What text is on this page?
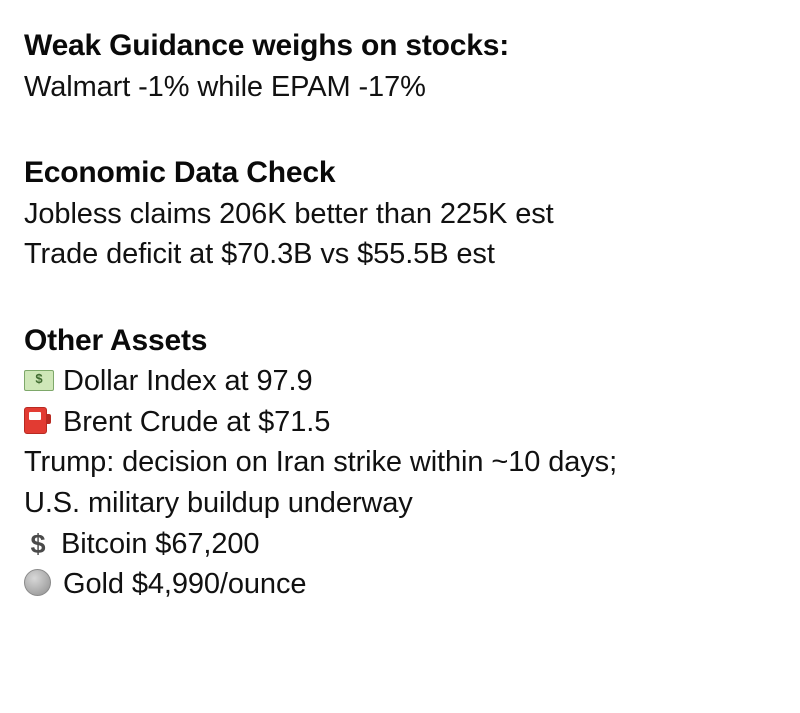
Weak Guidance weighs on stocks:

Walmart -1% while EPAM -17%

Economic Data Check

Jobless claims 206K better than 225K est

Trade deficit at $70.3B vs $55.5B est

Other Assets

$
Dollar Index at 97.9
Brent Crude at $71.5

Trump: decision on Iran strike within ~10 days;

U.S. military buildup underway

$ Bitcoin $67,200
Gold $4,990/ounce
